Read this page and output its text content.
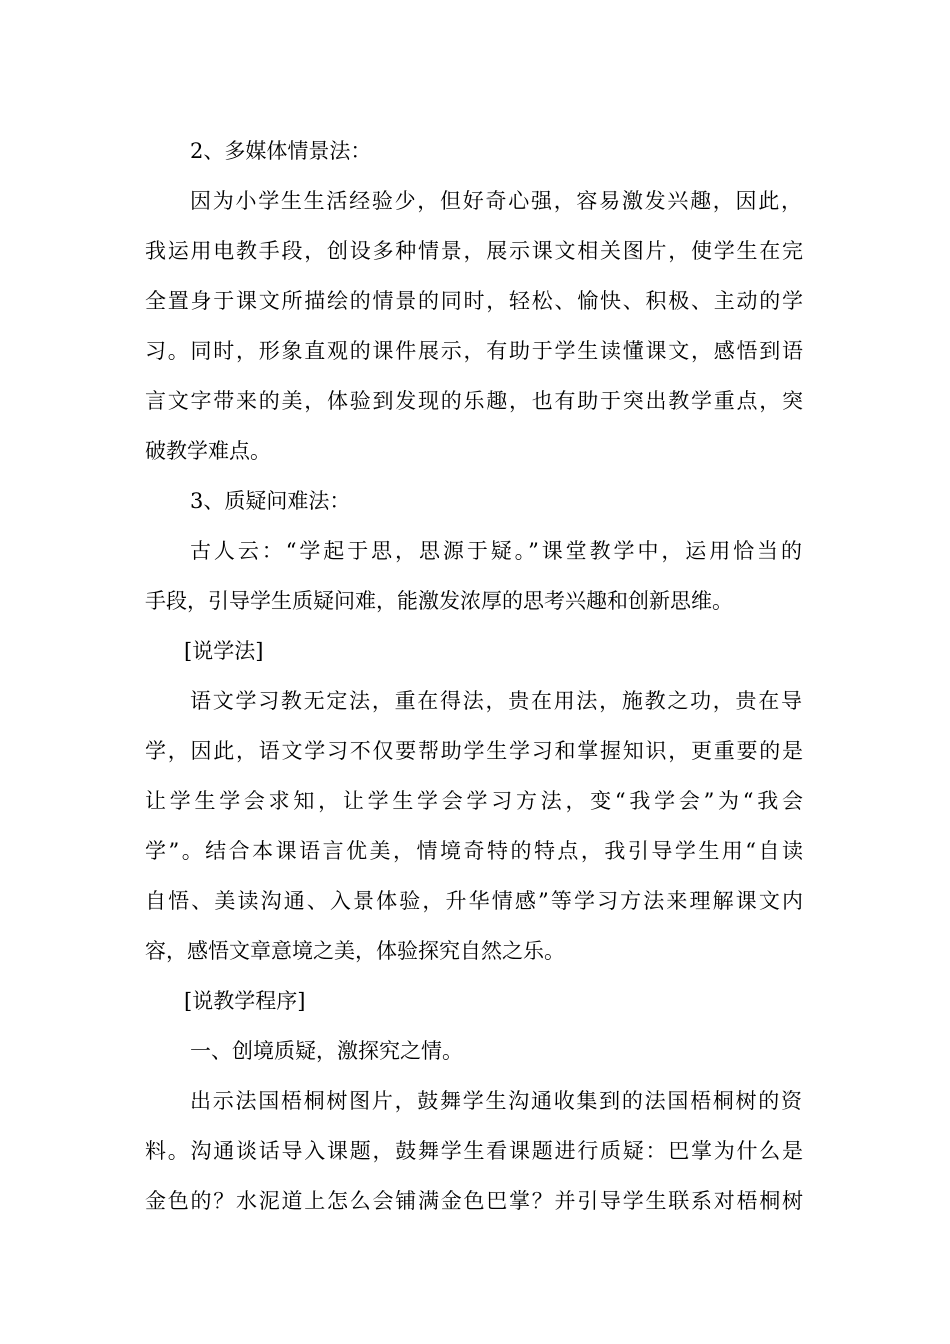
2、多媒体情景法：
因为小学生生活经验少，但好奇心强，容易激发兴趣，因此，
我运用电教手段，创设多种情景，展示课文相关图片，使学生在完
全置身于课文所描绘的情景的同时，轻松、愉快、积极、主动的学
习。同时，形象直观的课件展示，有助于学生读懂课文，感悟到语
言文字带来的美，体验到发现的乐趣，也有助于突出教学重点，突
破教学难点。
3、质疑问难法：
古人云：“学起于思，思源于疑。”课堂教学中，运用恰当的
手段，引导学生质疑问难，能激发浓厚的思考兴趣和创新思维。
[说学法]
语文学习教无定法，重在得法，贵在用法，施教之功，贵在导
学，因此，语文学习不仅要帮助学生学习和掌握知识，更重要的是
让学生学会求知，让学生学会学习方法，变“我学会”为“我会
学”。结合本课语言优美，情境奇特的特点，我引导学生用“自读
自悟、美读沟通、入景体验，升华情感”等学习方法来理解课文内
容，感悟文章意境之美，体验探究自然之乐。
[说教学程序]
一、创境质疑，激探究之情。
出示法国梧桐树图片，鼓舞学生沟通收集到的法国梧桐树的资
料。沟通谈话导入课题，鼓舞学生看课题进行质疑：巴掌为什么是
金色的？水泥道上怎么会铺满金色巴掌？并引导学生联系对梧桐树
